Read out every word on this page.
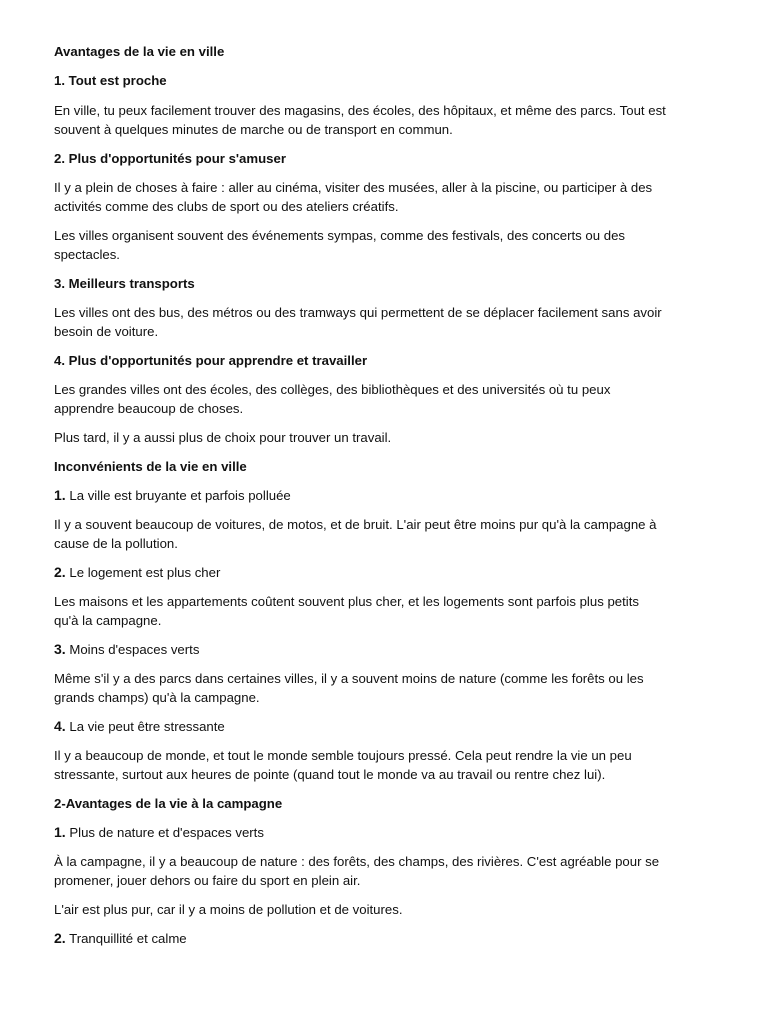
Avantages de la vie en ville
1. Tout est proche
En ville, tu peux facilement trouver des magasins, des écoles, des hôpitaux, et même des parcs. Tout est
souvent à quelques minutes de marche ou de transport en commun.
2. Plus d'opportunités pour s'amuser
Il y a plein de choses à faire : aller au cinéma, visiter des musées, aller à la piscine, ou participer à des
activités comme des clubs de sport ou des ateliers créatifs.
Les villes organisent souvent des événements sympas, comme des festivals, des concerts ou des
spectacles.
3. Meilleurs transports
Les villes ont des bus, des métros ou des tramways qui permettent de se déplacer facilement sans avoir
besoin de voiture.
4. Plus d'opportunités pour apprendre et travailler
Les grandes villes ont des écoles, des collèges, des bibliothèques et des universités où tu peux
apprendre beaucoup de choses.
Plus tard, il y a aussi plus de choix pour trouver un travail.
Inconvénients de la vie en ville
1. La ville est bruyante et parfois polluée
Il y a souvent beaucoup de voitures, de motos, et de bruit. L'air peut être moins pur qu'à la campagne à
cause de la pollution.
2. Le logement est plus cher
Les maisons et les appartements coûtent souvent plus cher, et les logements sont parfois plus petits
qu'à la campagne.
3. Moins d'espaces verts
Même s'il y a des parcs dans certaines villes, il y a souvent moins de nature (comme les forêts ou les
grands champs) qu'à la campagne.
4. La vie peut être stressante
Il y a beaucoup de monde, et tout le monde semble toujours pressé. Cela peut rendre la vie un peu
stressante, surtout aux heures de pointe (quand tout le monde va au travail ou rentre chez lui).
2-Avantages de la vie à la campagne
1. Plus de nature et d'espaces verts
À la campagne, il y a beaucoup de nature : des forêts, des champs, des rivières. C'est agréable pour se
promener, jouer dehors ou faire du sport en plein air.
L'air est plus pur, car il y a moins de pollution et de voitures.
2. Tranquillité et calme
